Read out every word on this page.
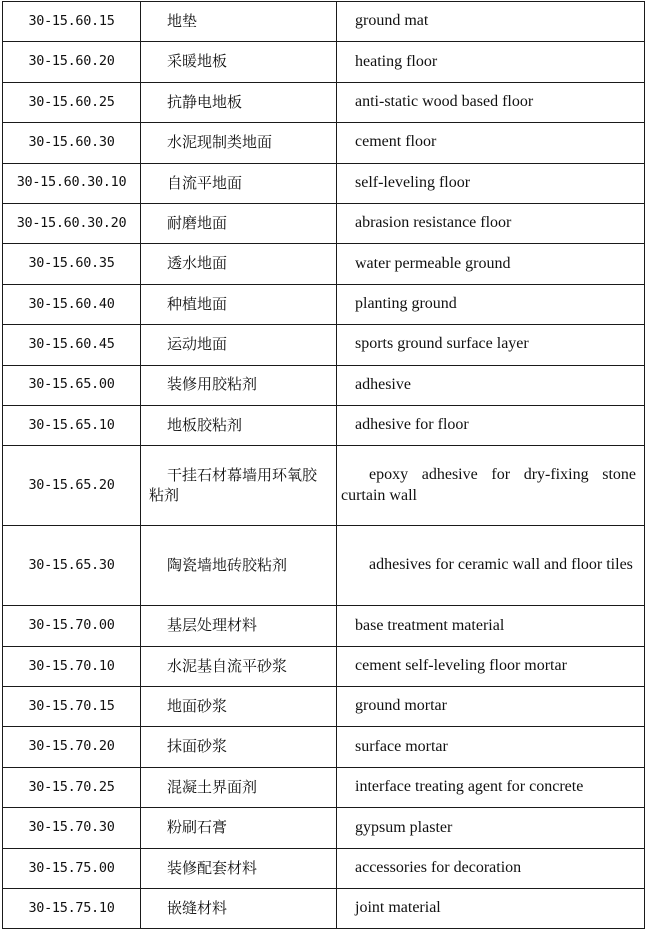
30-15.60.15	地垫	ground mat
30-15.60.20	采暖地板	heating floor
30-15.60.25	抗静电地板	anti-static wood based floor
30-15.60.30	水泥现制类地面	cement floor
30-15.60.30.10	自流平地面	self-leveling floor
30-15.60.30.20	耐磨地面	abrasion resistance floor
30-15.60.35	透水地面	water permeable ground
30-15.60.40	种植地面	planting ground
30-15.60.45	运动地面	sports ground surface layer
30-15.65.00	装修用胶粘剂	adhesive
30-15.65.10	地板胶粘剂	adhesive for floor
30-15.65.20	干挂石材幕墙用环氧胶粘剂	epoxy adhesive for dry-fixing stone curtain wall
30-15.65.30	陶瓷墙地砖胶粘剂	adhesives for ceramic wall and floor tiles
30-15.70.00	基层处理材料	base treatment material
30-15.70.10	水泥基自流平砂浆	cement self-leveling floor mortar
30-15.70.15	地面砂浆	ground mortar
30-15.70.20	抹面砂浆	surface mortar
30-15.70.25	混凝土界面剂	interface treating agent for concrete
30-15.70.30	粉刷石膏	gypsum plaster
30-15.75.00	装修配套材料	accessories for decoration
30-15.75.10	嵌缝材料	joint material
